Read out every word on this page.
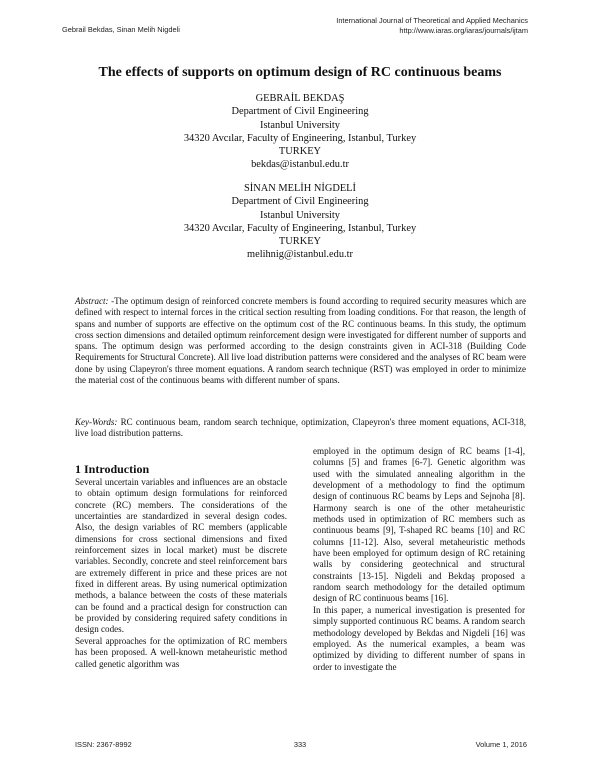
Gebrail Bekdas, Sinan Melih Nigdeli
International Journal of Theoretical and Applied Mechanics
http://www.iaras.org/iaras/journals/ijtam
The effects of supports on optimum design of RC continuous beams
GEBRAİL BEKDAŞ
Department of Civil Engineering
Istanbul University
34320 Avcılar, Faculty of Engineering, Istanbul, Turkey
TURKEY
bekdas@istanbul.edu.tr
SİNAN MELİH NİGDELİ
Department of Civil Engineering
Istanbul University
34320 Avcılar, Faculty of Engineering, Istanbul, Turkey
TURKEY
melihnig@istanbul.edu.tr

Abstract: -The optimum design of reinforced concrete members is found according to required security measures which are defined with respect to internal forces in the critical section resulting from loading conditions. For that reason, the length of spans and number of supports are effective on the optimum cost of the RC continuous beams. In this study, the optimum cross section dimensions and detailed optimum reinforcement design were investigated for different number of supports and spans. The optimum design was performed according to the design constraints given in ACI-318 (Building Code Requirements for Structural Concrete). All live load distribution patterns were considered and the analyses of RC beam were done by using Clapeyron's three moment equations. A random search technique (RST) was employed in order to minimize the material cost of the continuous beams with different number of spans.

Key-Words: RC continuous beam, random search technique, optimization, Clapeyron's three moment equations, ACI-318, live load distribution patterns.

1 Introduction

Several uncertain variables and influences are an obstacle to obtain optimum design formulations for reinforced concrete (RC) members. The considerations of the uncertainties are standardized in several design codes. Also, the design variables of RC members (applicable dimensions for cross sectional dimensions and fixed reinforcement sizes in local market) must be discrete variables. Secondly, concrete and steel reinforcement bars are extremely different in price and these prices are not fixed in different areas. By using numerical optimization methods, a balance between the costs of these materials can be found and a practical design for construction can be provided by considering required safety conditions in design codes.

Several approaches for the optimization of RC members has been proposed. A well-known metaheuristic method called genetic algorithm was

employed in the optimum design of RC beams [1-4], columns [5] and frames [6-7]. Genetic algorithm was used with the simulated annealing algorithm in the development of a methodology to find the optimum design of continuous RC beams by Leps and Sejnoha [8]. Harmony search is one of the other metaheuristic methods used in optimization of RC members such as continuous beams [9], T-shaped RC beams [10] and RC columns [11-12]. Also, several metaheuristic methods have been employed for optimum design of RC retaining walls by considering geotechnical and structural constraints [13-15]. Nigdeli and Bekdaş proposed a random search methodology for the detailed optimum design of RC continuous beams [16].

In this paper, a numerical investigation is presented for simply supported continuous RC beams. A random search methodology developed by Bekdas and Nigdeli [16] was employed. As the numerical examples, a beam was optimized by dividing to different number of spans in order to investigate the

ISSN: 2367-8992	333	Volume 1, 2016
